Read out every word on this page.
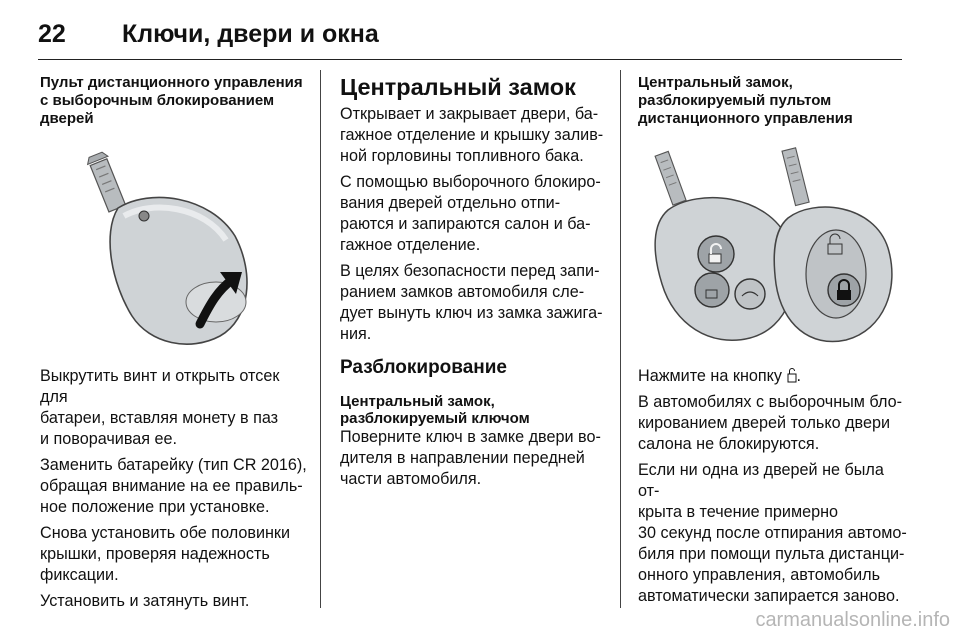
22 Ключи, двери и окна
Пульт дистанционного управления
с выборочным блокированием
дверей

Выкрутить винт и открыть отсек для
батареи, вставляя монету в паз
и поворачивая ее.

Заменить батарейку (тип CR 2016),
обращая внимание на ее правиль-
ное положение при установке.

Снова установить обе половинки
крышки, проверяя надежность
фиксации.

Установить и затянуть винт.

Центральный замок

Открывает и закрывает двери, ба-
гажное отделение и крышку залив-
ной горловины топливного бака.

С помощью выборочного блокиро-
вания дверей отдельно отпи-
раются и запираются салон и ба-
гажное отделение.

В целях безопасности перед запи-
ранием замков автомобиля сле-
дует вынуть ключ из замка зажига-
ния.

Разблокирование
Центральный замок,
разблокируемый ключом

Поверните ключ в замке двери во-
дителя в направлении передней
части автомобиля.

Центральный замок,
разблокируемый пультом
дистанционного управления

Нажмите на кнопку .

В автомобилях с выборочным бло-
кированием дверей только двери
салона не блокируются.

Если ни одна из дверей не была от-
крыта в течение примерно
30 секунд после отпирания автомо-
биля при помощи пульта дистанци-
онного управления, автомобиль
автоматически запирается заново.

carmanualsonline.info
